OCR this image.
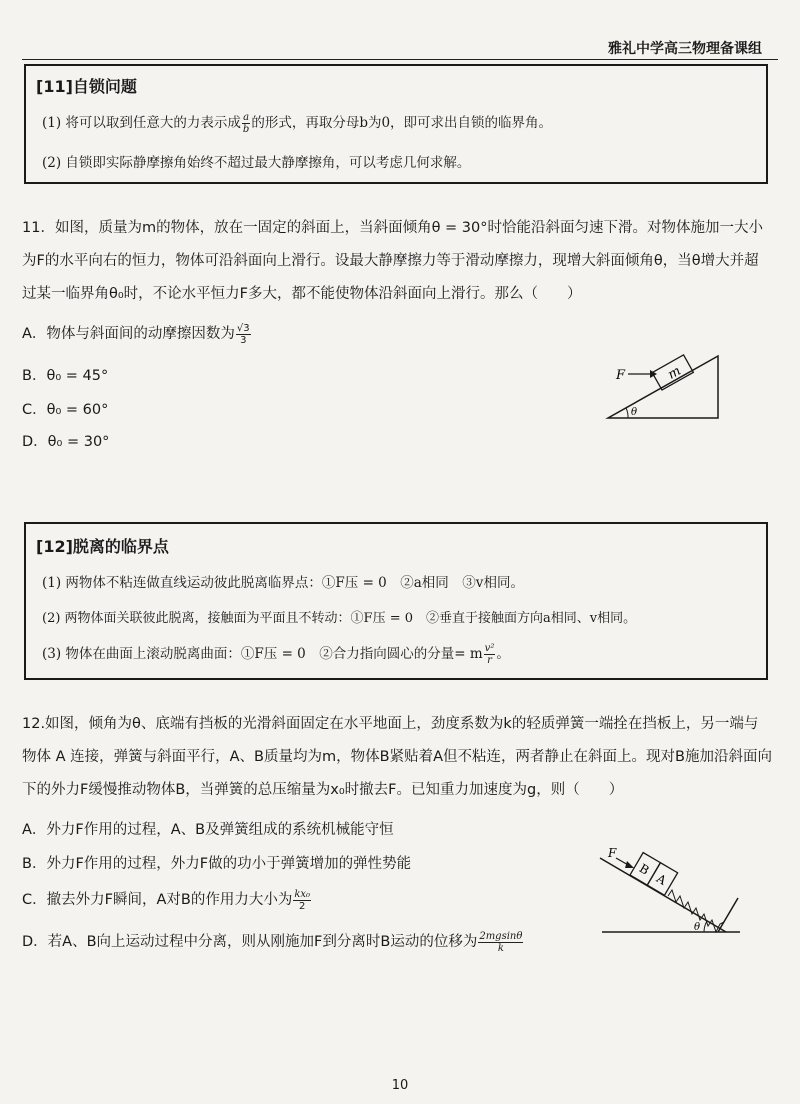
雅礼中学高三物理备课组
[11]自锁问题
(1) 将可以取到任意大的力表示成 $\frac{a}{b}$ 的形式，再取分母b为0，即可求出自锁的临界角。
(2) 自锁即实际静摩擦角始终不超过最大静摩擦角，可以考虑几何求解。
11．如图，质量为m的物体，放在一固定的斜面上，当斜面倾角θ = 30°时恰能沿斜面匀速下滑。对物体施加一大小为F的水平向右的恒力，物体可沿斜面向上滑行。设最大静摩擦力等于滑动摩擦力，现增大斜面倾角θ，当θ增大并超过某一临界角θ₀时，不论水平恒力F多大，都不能使物体沿斜面向上滑行。那么（　　）
A．物体与斜面间的动摩擦因数为 $\frac{√3}{3}$
B．θ₀ = 45°
C．θ₀ = 60°
D．θ₀ = 30°
m
F
θ
[12]脱离的临界点
(1) 两物体不粘连做直线运动彼此脱离临界点：①F压 = 0　②a相同　③v相同。
(2) 两物体面关联彼此脱离，接触面为平面且不转动：①F压 = 0　②垂直于接触面方向a相同、v相同。
(3) 物体在曲面上滚动脱离曲面：①F压 = 0　②合力指向圆心的分量= m $\frac{\text{v²}}{r}$ 。
12.如图，倾角为θ、底端有挡板的光滑斜面固定在水平地面上，劲度系数为k的轻质弹簧一端拴在挡板上，另一端与物体 A 连接，弹簧与斜面平行，A、B质量均为m，物体B紧贴着A但不粘连，两者静止在斜面上。现对B施加沿斜面向下的外力F缓慢推动物体B，当弹簧的总压缩量为x₀时撤去F。已知重力加速度为g，则（　　）
A．外力F作用的过程，A、B及弹簧组成的系统机械能守恒
B．外力F作用的过程，外力F做的功小于弹簧增加的弹性势能
C．撤去外力F瞬间，A对B的作用力大小为 $\frac{\text{kx₀}}{2}$
D．若A、B向上运动过程中分离，则从刚施加F到分离时B运动的位移为 $\frac{2mgsin\theta}{k}$
B
A
F
θ
10
